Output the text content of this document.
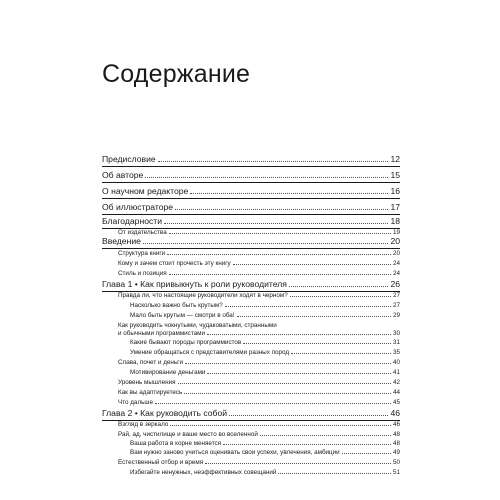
Содержание
Предисловие	12
Об авторе	15
О научном редакторе	16
Об иллюстраторе	17
Благодарности	18
От издательства	19
Введение	20
Структура книги	20
Кому и зачем стоит прочесть эту книгу	24
Стиль и позиция	24
Глава 1 • Как привыкнуть к роли руководителя	26
Правда ли, что настоящие руководители ходят в черном?	27
Насколько важно быть крутым?	27
Мало быть крутым — смотри в оба!	29
Как руководить чокнутыми, чудаковатыми, странными
и обычными программистами	30
Какие бывают породы программистов	31
Умение обращаться с представителями разных пород	35
Слава, почет и деньги	40
Мотивирование деньгами	41
Уровень мышления	42
Как вы адаптируетесь	44
Что дальше	45
Глава 2 • Как руководить собой	46
Взгляд в зеркало	46
Рай, ад, чистилище и ваше место во вселенной	48
Ваша работа в корне меняется	48
Вам нужно заново учиться оценивать свои успехи, увлечения, амбиции	49
Естественный отбор и время	50
Избегайте ненужных, неэффективных совещаний	51
